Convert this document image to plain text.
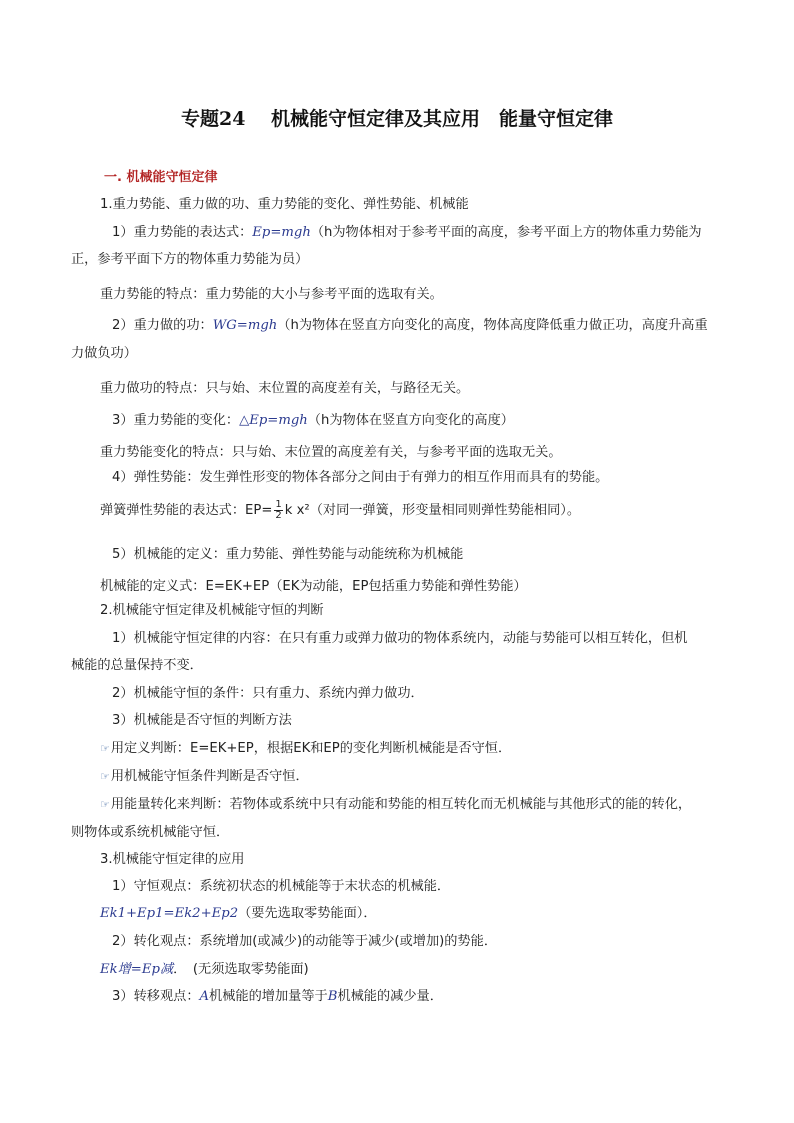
专题24　 机械能守恒定律及其应用　能量守恒定律
一. 机械能守恒定律
1.重力势能、重力做的功、重力势能的变化、弹性势能、机械能
1）重力势能的表达式：Ep=mgh（h为物体相对于参考平面的高度，参考平面上方的物体重力势能为
正，参考平面下方的物体重力势能为员）
重力势能的特点：重力势能的大小与参考平面的选取有关。
2）重力做的功：WG=mgh（h为物体在竖直方向变化的高度，物体高度降低重力做正功，高度升高重
力做负功）
重力做功的特点：只与始、末位置的高度差有关，与路径无关。
3）重力势能的变化：△Ep=mgh（h为物体在竖直方向变化的高度）
重力势能变化的特点：只与始、末位置的高度差有关，与参考平面的选取无关。
4）弹性势能：发生弹性形变的物体各部分之间由于有弹力的相互作用而具有的势能。
弹簧弹性势能的表达式：$EP= \frac{1}{2}$ k x²（对同一弹簧，形变量相同则弹性势能相同）。
5）机械能的定义：重力势能、弹性势能与动能统称为机械能
机械能的定义式：E=EK+EP（EK为动能，EP包括重力势能和弹性势能）
2.机械能守恒定律及机械能守恒的判断
1）机械能守恒定律的内容：在只有重力或弹力做功的物体系统内，动能与势能可以相互转化，但机
械能的总量保持不变．
2）机械能守恒的条件：只有重力、系统内弹力做功．
3）机械能是否守恒的判断方法
☞用定义判断：E=EK+EP，根据EK和EP的变化判断机械能是否守恒．
☞用机械能守恒条件判断是否守恒．
☞用能量转化来判断：若物体或系统中只有动能和势能的相互转化而无机械能与其他形式的能的转化，
则物体或系统机械能守恒．
3.机械能守恒定律的应用
1）守恒观点：系统初状态的机械能等于末状态的机械能．
Ek1+Ep1=Ek2+Ep2（要先选取零势能面）．
2）转化观点：系统增加(或减少)的动能等于减少(或增加)的势能．
Ek增=Ep减．　(无须选取零势能面)
3）转移观点：A机械能的增加量等于B机械能的减少量．
